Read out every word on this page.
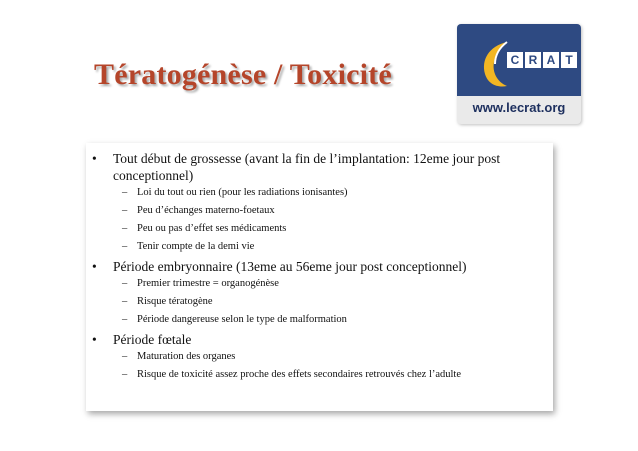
Tératogénèse / Toxicité	C R A T
www.lecrat.org
• Tout début de grossesse (avant la fin de l’implantation: 12eme jour post conceptionnel)
– Loi du tout ou rien (pour les radiations ionisantes)
– Peu d’échanges materno-foetaux
– Peu ou pas d’effet ses médicaments
– Tenir compte de la demi vie
• Période embryonnaire (13eme au 56eme jour post conceptionnel)
– Premier trimestre = organogénèse
– Risque tératogène
– Période dangereuse selon le type de malformation
• Période fœtale
– Maturation des organes
– Risque de toxicité assez proche des effets secondaires retrouvés chez l’adulte
